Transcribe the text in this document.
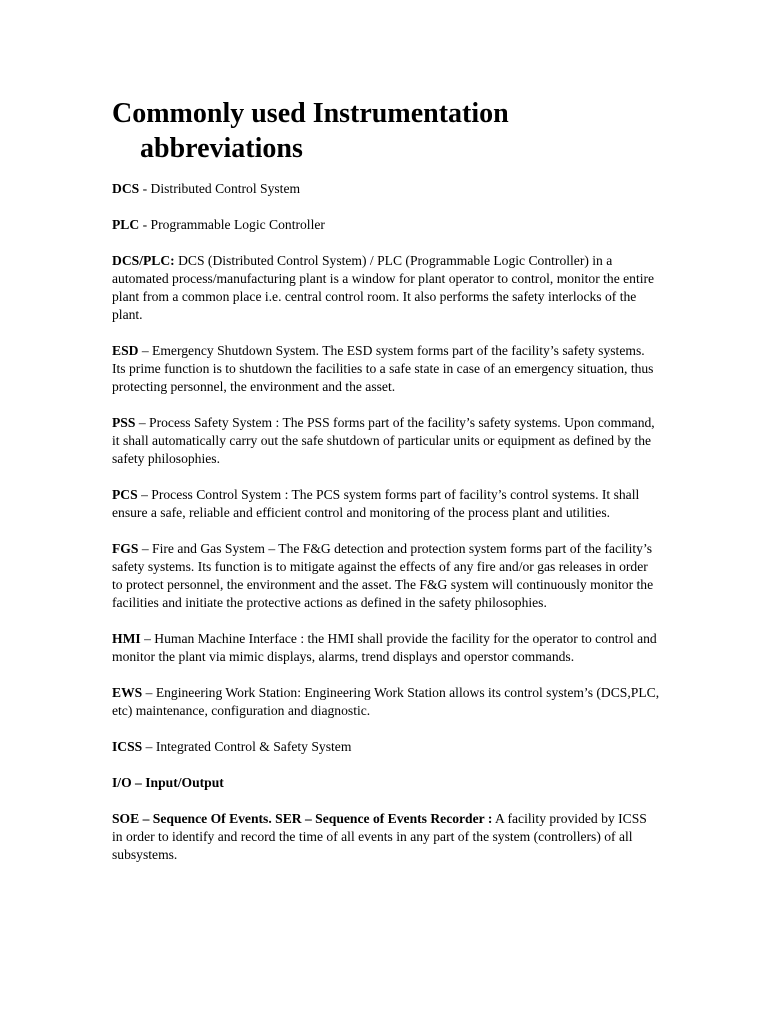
Commonly used Instrumentation
abbreviations

DCS - Distributed Control System

PLC - Programmable Logic Controller

DCS/PLC: DCS (Distributed Control System) / PLC (Programmable Logic Controller) in a automated process/manufacturing plant is a window for plant operator to control, monitor the entire plant from a common place i.e. central control room. It also performs the safety interlocks of the plant.

ESD – Emergency Shutdown System. The ESD system forms part of the facility’s safety systems. Its prime function is to shutdown the facilities to a safe state in case of an emergency situation, thus protecting personnel, the environment and the asset.

PSS – Process Safety System : The PSS forms part of the facility’s safety systems. Upon command, it shall automatically carry out the safe shutdown of particular units or equipment as defined by the safety philosophies.

PCS – Process Control System : The PCS system forms part of facility’s control systems. It shall ensure a safe, reliable and efficient control and monitoring of the process plant and utilities.

FGS – Fire and Gas System – The F&G detection and protection system forms part of the facility’s safety systems. Its function is to mitigate against the effects of any fire and/or gas releases in order to protect personnel, the environment and the asset. The F&G system will continuously monitor the facilities and initiate the protective actions as defined in the safety philosophies.

HMI – Human Machine Interface : the HMI shall provide the facility for the operator to control and monitor the plant via mimic displays, alarms, trend displays and operstor commands.

EWS – Engineering Work Station: Engineering Work Station allows its control system’s (DCS,PLC, etc) maintenance, configuration and diagnostic.

ICSS – Integrated Control & Safety System

I/O – Input/Output

SOE – Sequence Of Events. SER – Sequence of Events Recorder : A facility provided by ICSS in order to identify and record the time of all events in any part of the system (controllers) of all subsystems.
